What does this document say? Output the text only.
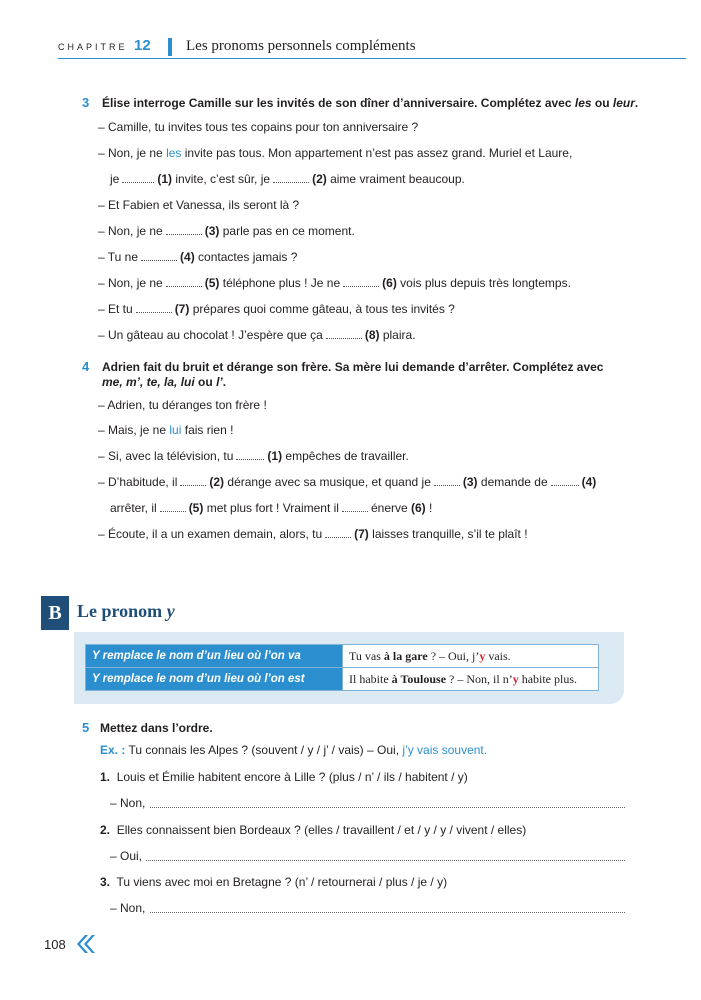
CHAPITRE 12 Les pronoms personnels compléments
3 Élise interroge Camille sur les invités de son dîner d’anniversaire. Complétez avec les ou leur.
– Camille, tu invites tous tes copains pour ton anniversaire ?
– Non, je ne les invite pas tous. Mon appartement n’est pas assez grand. Muriel et Laure,
je	(1) invite, c’est sûr, je	(2) aime vraiment beaucoup.
– Et Fabien et Vanessa, ils seront là ?
– Non, je ne	(3) parle pas en ce moment.
– Tu ne	(4) contactes jamais ?
– Non, je ne	(5) téléphone plus ! Je ne	(6) vois plus depuis très longtemps.
– Et tu	(7) prépares quoi comme gâteau, à tous tes invités ?
– Un gâteau au chocolat ! J’espère que ça	(8) plaira.
4 Adrien fait du bruit et dérange son frère. Sa mère lui demande d’arrêter. Complétez avec
me, m’, te, la, lui ou l’.
– Adrien, tu déranges ton frère !
– Mais, je ne lui fais rien !
– Si, avec la télévision, tu	(1) empêches de travailler.
– D’habitude, il	(2) dérange avec sa musique, et quand je	(3) demande de	(4)
arrêter, il	(5) met plus fort ! Vraiment il	énerve (6) !
– Écoute, il a un examen demain, alors, tu	(7) laisses tranquille, s’il te plaît !
B Le pronom y
Y remplace le nom d’un lieu où l’on va	Tu vas à la gare ? – Oui, j’y vais.
Y remplace le nom d’un lieu où l’on est	Il habite à Toulouse ? – Non, il n’y habite plus.
5 Mettez dans l’ordre.
Ex. : Tu connais les Alpes ? (souvent / y / j’ / vais) – Oui, j’y vais souvent.
1. Louis et Émilie habitent encore à Lille ? (plus / n’ / ils / habitent / y)
– Non,
2. Elles connaissent bien Bordeaux ? (elles / travaillent / et / y / y / vivent / elles)
– Oui,
3. Tu viens avec moi en Bretagne ? (n’ / retournerai / plus / je / y)
– Non,
108
